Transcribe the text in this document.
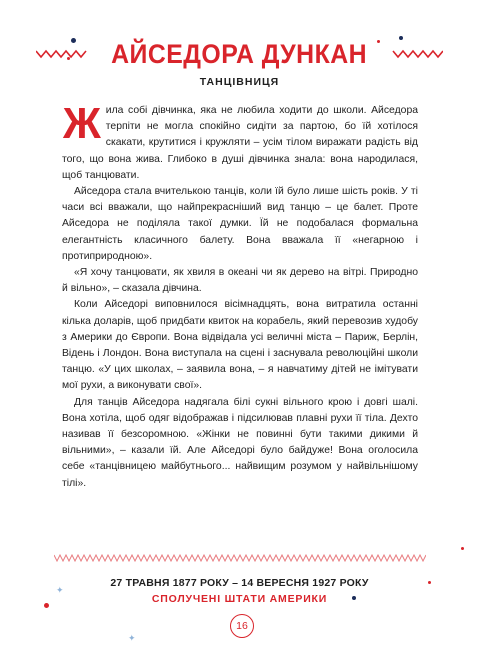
✦
✦
АЙСЕДОРА ДУНКАН
ТАНЦІВНИЦЯ

Жила собі дівчинка, яка не любила ходити до школи. Айседора терпіти не могла спокійно сидіти за партою, бо їй хотілося скакати, крутитися і кружляти – усім тілом виражати радість від того, що вона жива. Глибоко в душі дівчинка знала: вона народилася, щоб танцювати.

Айседора стала вчителькою танців, коли їй було лише шість років. У ті часи всі вважали, що найпрекрасніший вид танцю – це балет. Проте Айседора не поділяла такої думки. Їй не подобалася формальна елегантність класичного балету. Вона вважала її «негарною і протиприродною».

«Я хочу танцювати, як хвиля в океані чи як дерево на вітрі. Природно й вільно», – сказала дівчина.

Коли Айседорі виповнилося вісімнадцять, вона витратила останні кілька доларів, щоб придбати квиток на корабель, який перевозив худобу з Америки до Європи. Вона відвідала усі величні міста – Париж, Берлін, Відень і Лондон. Вона виступала на сцені і заснувала революційні школи танцю. «У цих школах, – заявила вона, – я навчатиму дітей не імітувати мої рухи, а виконувати свої».

Для танців Айседора надягала білі сукні вільного крою і довгі шалі. Вона хотіла, щоб одяг відображав і підсилював плавні рухи її тіла. Дехто називав її безсоромною. «Жінки не повинні бути такими дикими й вільними», – казали їй. Але Айседорі було байдуже! Вона оголосила себе «танцівницею майбутнього... найвищим розумом у найвільнішому тілі».

27 ТРАВНЯ 1877 РОКУ – 14 ВЕРЕСНЯ 1927 РОКУ
СПОЛУЧЕНІ ШТАТИ АМЕРИКИ
16
